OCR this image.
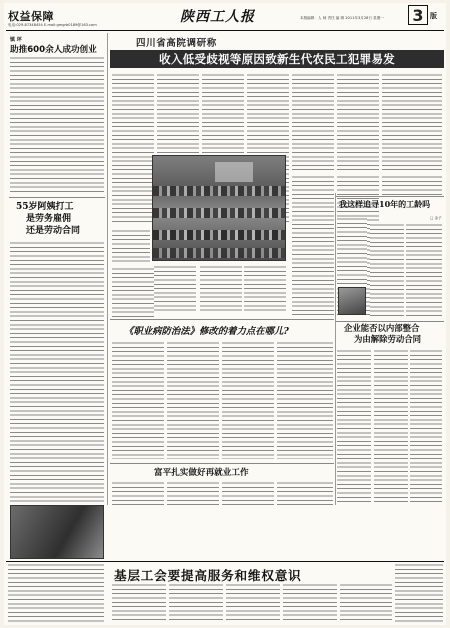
权益保障
电话:029-87348454 E-mail:gmgrb0189@163.com	陕西工人报	本版编辑：人 师 责任 编 辑 2011年3月28日 星期一 3 版
镇 坪
助推600余人成功创业
55岁阿姨打工
是劳务雇佣
还是劳动合同
四川省高院调研称
收入低受歧视等原因致新生代农民工犯罪易发
我这样追寻10年的工龄吗
□ 金子
企业能否以内部整合
为由解除劳动合同
《职业病防治法》修改的着力点在哪儿?
富平扎实做好再就业工作
基层工会要提高服务和维权意识
